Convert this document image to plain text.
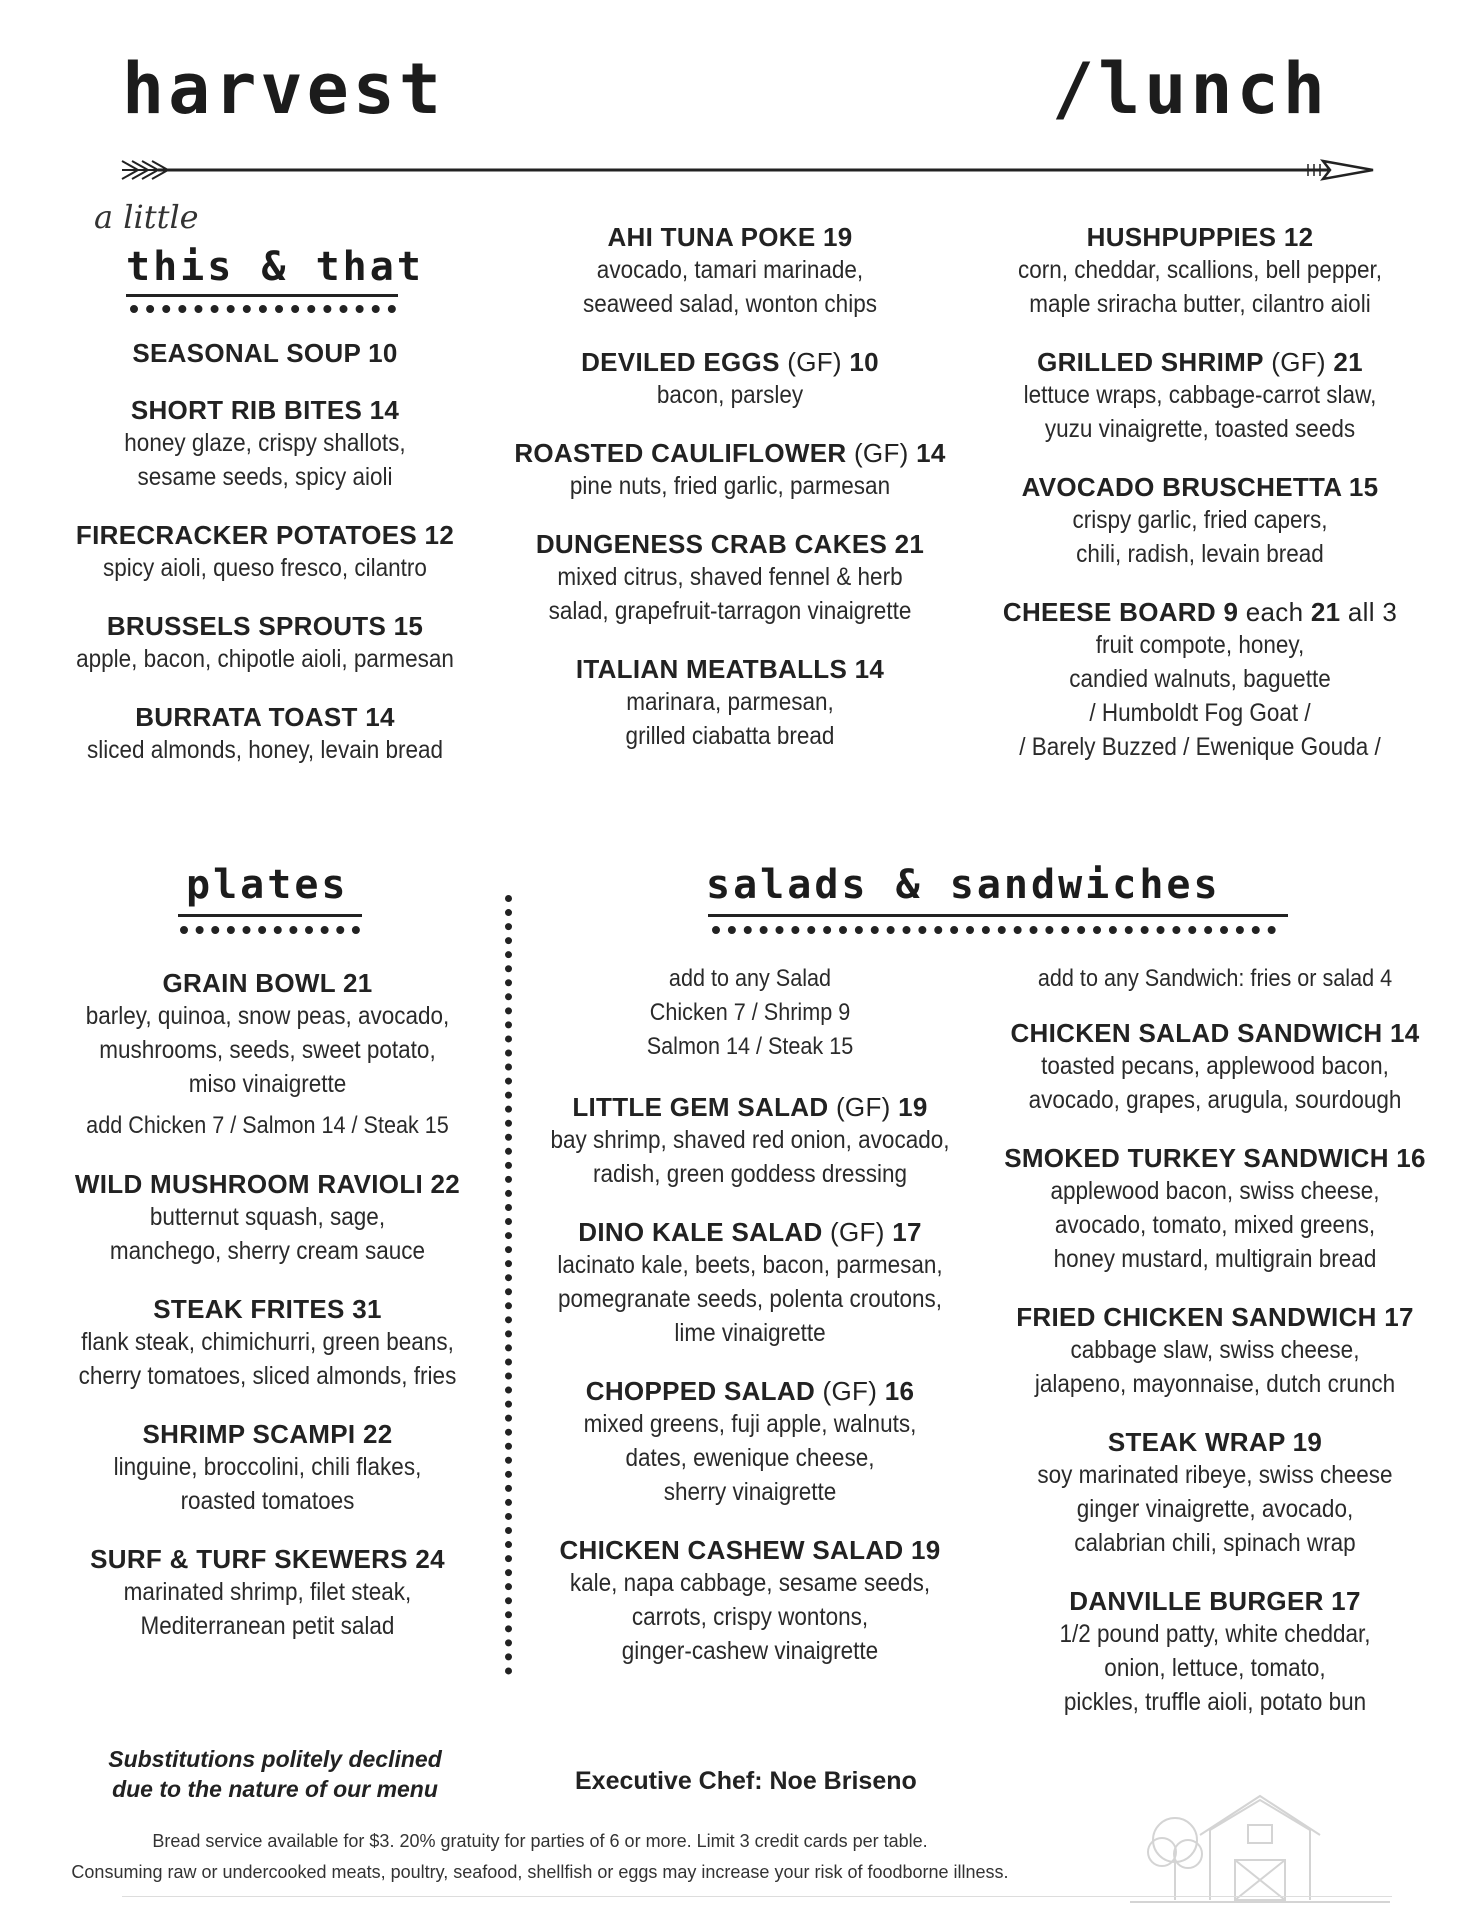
harvest	/lunch
a little
this & that
SEASONAL SOUP 10
SHORT RIB BITES 14
honey glaze, crispy shallots,
sesame seeds, spicy aioli
FIRECRACKER POTATOES 12
spicy aioli, queso fresco, cilantro
BRUSSELS SPROUTS 15
apple, bacon, chipotle aioli, parmesan
BURRATA TOAST 14
sliced almonds, honey, levain bread
AHI TUNA POKE 19
avocado, tamari marinade,
seaweed salad, wonton chips
DEVILED EGGS (GF) 10
bacon, parsley
ROASTED CAULIFLOWER (GF) 14
pine nuts, fried garlic, parmesan
DUNGENESS CRAB CAKES 21
mixed citrus, shaved fennel & herb
salad, grapefruit-tarragon vinaigrette
ITALIAN MEATBALLS 14
marinara, parmesan,
grilled ciabatta bread
HUSHPUPPIES 12
corn, cheddar, scallions, bell pepper,
maple sriracha butter, cilantro aioli
GRILLED SHRIMP (GF) 21
lettuce wraps, cabbage-carrot slaw,
yuzu vinaigrette, toasted seeds
AVOCADO BRUSCHETTA 15
crispy garlic, fried capers,
chili, radish, levain bread
CHEESE BOARD 9 each 21 all 3
fruit compote, honey,
candied walnuts, baguette
/ Humboldt Fog Goat /
/ Barely Buzzed / Ewenique Gouda /
plates	salads & sandwiches
GRAIN BOWL 21
barley, quinoa, snow peas, avocado,
mushrooms, seeds, sweet potato,
miso vinaigrette
add Chicken 7 / Salmon 14 / Steak 15
WILD MUSHROOM RAVIOLI 22
butternut squash, sage,
manchego, sherry cream sauce
STEAK FRITES 31
flank steak, chimichurri, green beans,
cherry tomatoes, sliced almonds, fries
SHRIMP SCAMPI 22
linguine, broccolini, chili flakes,
roasted tomatoes
SURF & TURF SKEWERS 24
marinated shrimp, filet steak,
Mediterranean petit salad
add to any Salad
Chicken 7 / Shrimp 9
Salmon 14 / Steak 15
LITTLE GEM SALAD (GF) 19
bay shrimp, shaved red onion, avocado,
radish, green goddess dressing
DINO KALE SALAD (GF) 17
lacinato kale, beets, bacon, parmesan,
pomegranate seeds, polenta croutons,
lime vinaigrette
CHOPPED SALAD (GF) 16
mixed greens, fuji apple, walnuts,
dates, ewenique cheese,
sherry vinaigrette
CHICKEN CASHEW SALAD 19
kale, napa cabbage, sesame seeds,
carrots, crispy wontons,
ginger-cashew vinaigrette
add to any Sandwich: fries or salad 4
CHICKEN SALAD SANDWICH 14
toasted pecans, applewood bacon,
avocado, grapes, arugula, sourdough
SMOKED TURKEY SANDWICH 16
applewood bacon, swiss cheese,
avocado, tomato, mixed greens,
honey mustard, multigrain bread
FRIED CHICKEN SANDWICH 17
cabbage slaw, swiss cheese,
jalapeno, mayonnaise, dutch crunch
STEAK WRAP 19
soy marinated ribeye, swiss cheese
ginger vinaigrette, avocado,
calabrian chili, spinach wrap
DANVILLE BURGER 17
1/2 pound patty, white cheddar,
onion, lettuce, tomato,
pickles, truffle aioli, potato bun
Substitutions politely declined
due to the nature of our menu	Executive Chef: Noe Briseno
Bread service available for $3. 20% gratuity for parties of 6 or more. Limit 3 credit cards per table.
Consuming raw or undercooked meats, poultry, seafood, shellfish or eggs may increase your risk of foodborne illness.
